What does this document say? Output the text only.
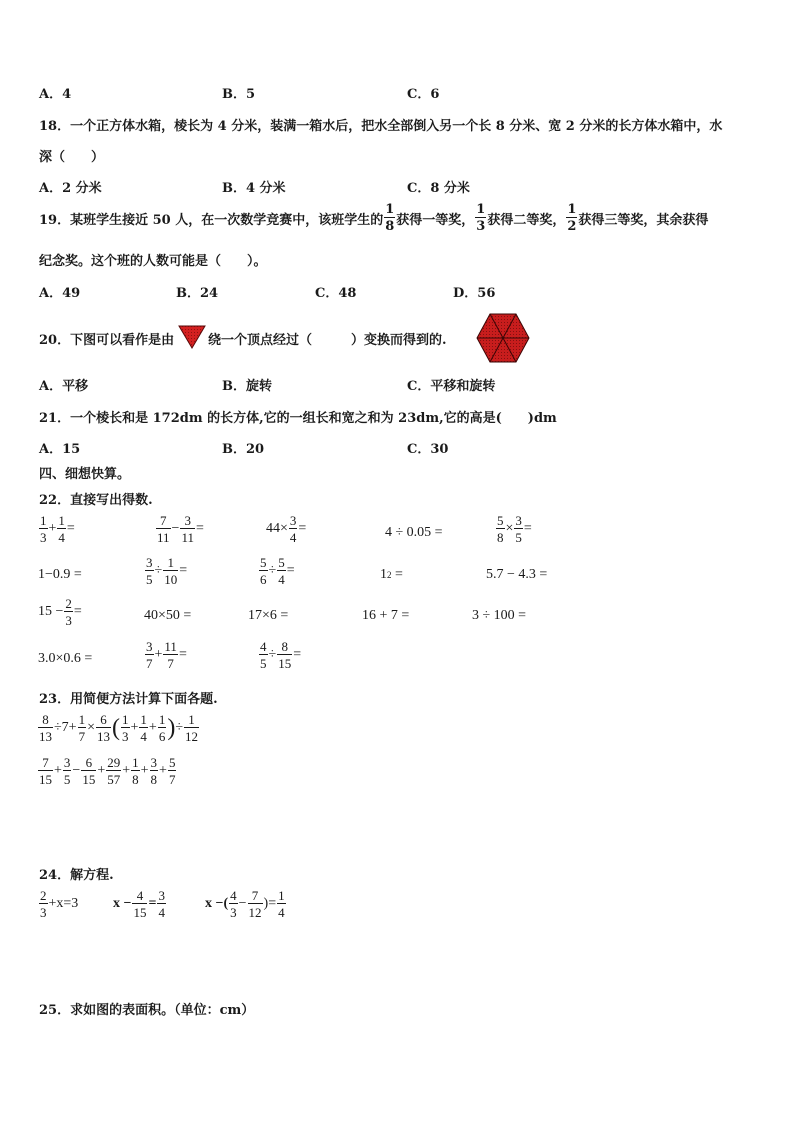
A．4	B．5	C．6
18．一个正方体水箱，棱长为 4 分米，装满一箱水后，把水全部倒入另一个长 8 分米、宽 2 分米的长方体水箱中，水
深（　　）
A．2 分米	B．4 分米	C．8 分米
19．某班学生接近 50 人，在一次数学竞赛中，该班学生的 $\frac{1}{8}$ 获得一等奖， $\frac{1}{3}$ 获得二等奖， $\frac{1}{2}$ 获得三等奖，其余获得
纪念奖。这个班的人数可能是（　　）。
A．49	B．24	C．48	D．56
20．下图可以看作是由	绕一个顶点经过（　　　）变换而得到的.
A．平移	B．旋转	C．平移和旋转
21．一个棱长和是 172dm 的长方体,它的一组长和宽之和为 23dm,它的高是(　　)dm
A．15	B．20	C．30
四、细想快算。
22．直接写出得数.
$\frac{1}{3} + \frac{1}{4}$ =	$\frac{7}{11} - \frac{3}{11}$ =	$44\times \frac{3}{4}$ =	4 ÷ 0.05 =	$\frac{5}{8} \times \frac{3}{5}$ =
1−0.9 =	$\frac{3}{5} \div \frac{1}{10}$ =	$\frac{5}{6} \div \frac{5}{4}$ =	1 2 =	5.7 − 4.3 =
$15 - \frac{2}{3}$ =	40×50 =	17×6 =	16 + 7 =	3 ÷ 100 =
3.0×0.6 =	$\frac{3}{7} + \frac{11}{7}$ =	$\frac{4}{5} \div \frac{8}{15}$ =
23．用简便方法计算下面各题.
$\frac{8}{13} \div 7+ \frac{1}{7} \times \frac{6}{13}$ ( $\frac{1}{3} + \frac{1}{4} + \frac{1}{6}$ ) ÷ $\frac{1}{12}$
$\frac{7}{15} + \frac{3}{5} - \frac{6}{15} + \frac{29}{57} + \frac{1}{8} + \frac{3}{8} + \frac{5}{7}$
24．解方程.
$\frac{2}{3} +x=3$ $x - \frac{4}{15} = \frac{3}{4}$	x −( $\frac{4}{3} - \frac{7}{12}$ )= $\frac{1}{4}$
25．求如图的表面积。（单位：cm）
